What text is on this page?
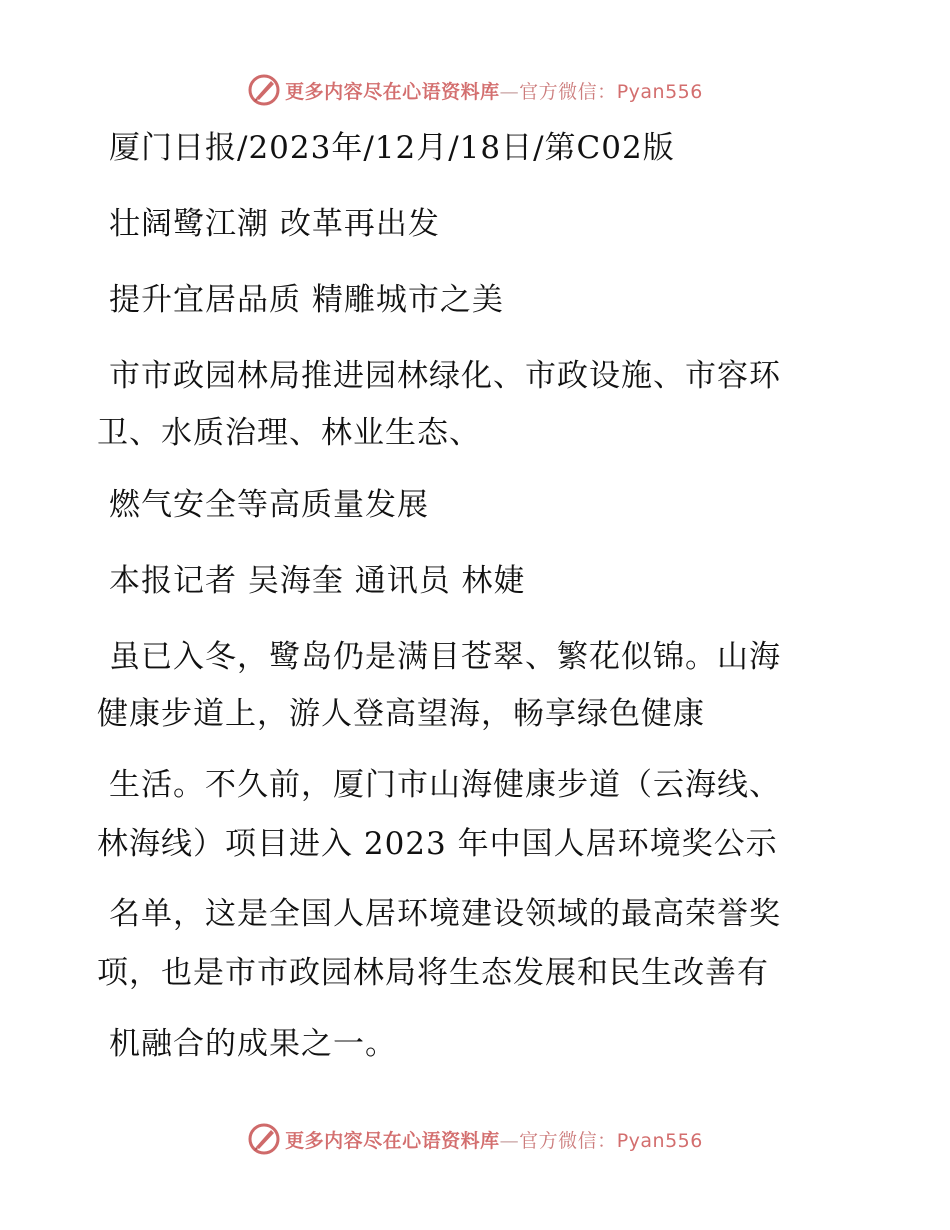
更多内容尽在心语资料库—官方微信：Pyan556
厦门日报/2023年/12月/18日/第C02版
壮阔鹭江潮 改革再出发
提升宜居品质 精雕城市之美
市市政园林局推进园林绿化、市政设施、市容环
卫、水质治理、林业生态、
燃气安全等高质量发展
本报记者 吴海奎 通讯员 林婕
虽已入冬，鹭岛仍是满目苍翠、繁花似锦。山海
健康步道上，游人登高望海，畅享绿色健康
生活。不久前，厦门市山海健康步道（云海线、
林海线）项目进入 2023 年中国人居环境奖公示
名单，这是全国人居环境建设领域的最高荣誉奖
项，也是市市政园林局将生态发展和民生改善有
机融合的成果之一。
更多内容尽在心语资料库—官方微信：Pyan556
